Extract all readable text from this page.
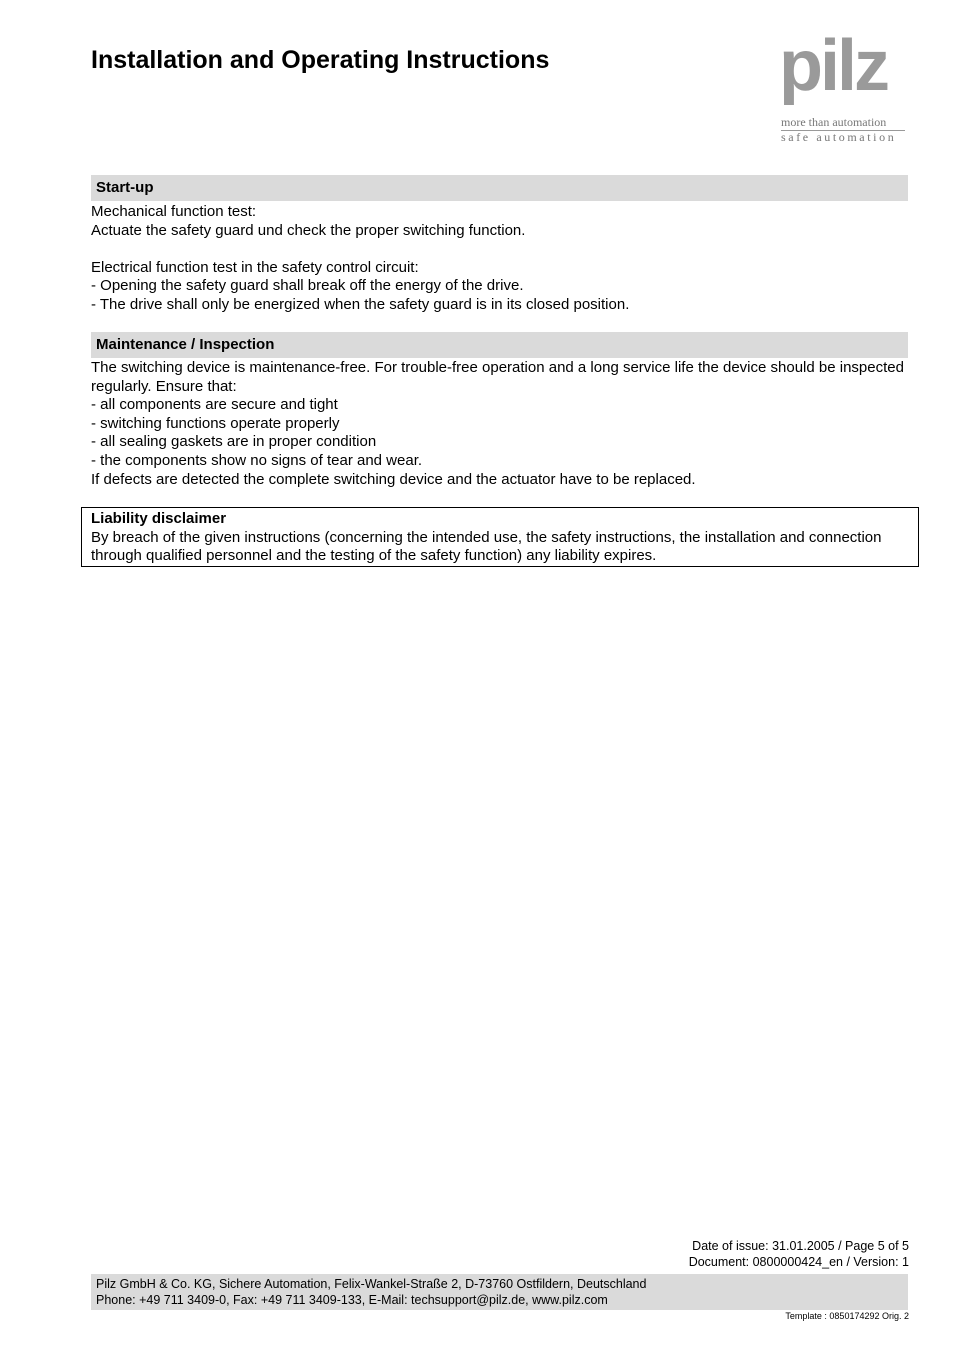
Installation and Operating Instructions	pilz
more than automation
safe automation
Start-up

Mechanical function test:

Actuate the safety guard und check the proper switching function.

Electrical function test in the safety control circuit:

- Opening the safety guard shall break off the energy of the drive.

- The drive shall only be energized when the safety guard is in its closed position.

Maintenance / Inspection

The switching device is maintenance-free. For trouble-free operation and a long service life the device should be inspected regularly. Ensure that:

- all components are secure and tight

- switching functions operate properly

- all sealing gaskets are in proper condition

- the components show no signs of tear and wear.

If defects are detected the complete switching device and the actuator have to be replaced.

Liability disclaimer
By breach of the given instructions (concerning the intended use, the safety instructions, the installation and connection through qualified personnel and the testing of the safety function) any liability expires.
Date of issue: 31.01.2005 / Page 5 of 5
Document: 0800000424_en / Version: 1
Pilz GmbH & Co. KG, Sichere Automation, Felix-Wankel-Straße 2, D-73760 Ostfildern, Deutschland
Phone: +49 711 3409-0, Fax: +49 711 3409-133, E-Mail: techsupport@pilz.de, www.pilz.com
Template : 0850174292 Orig. 2
